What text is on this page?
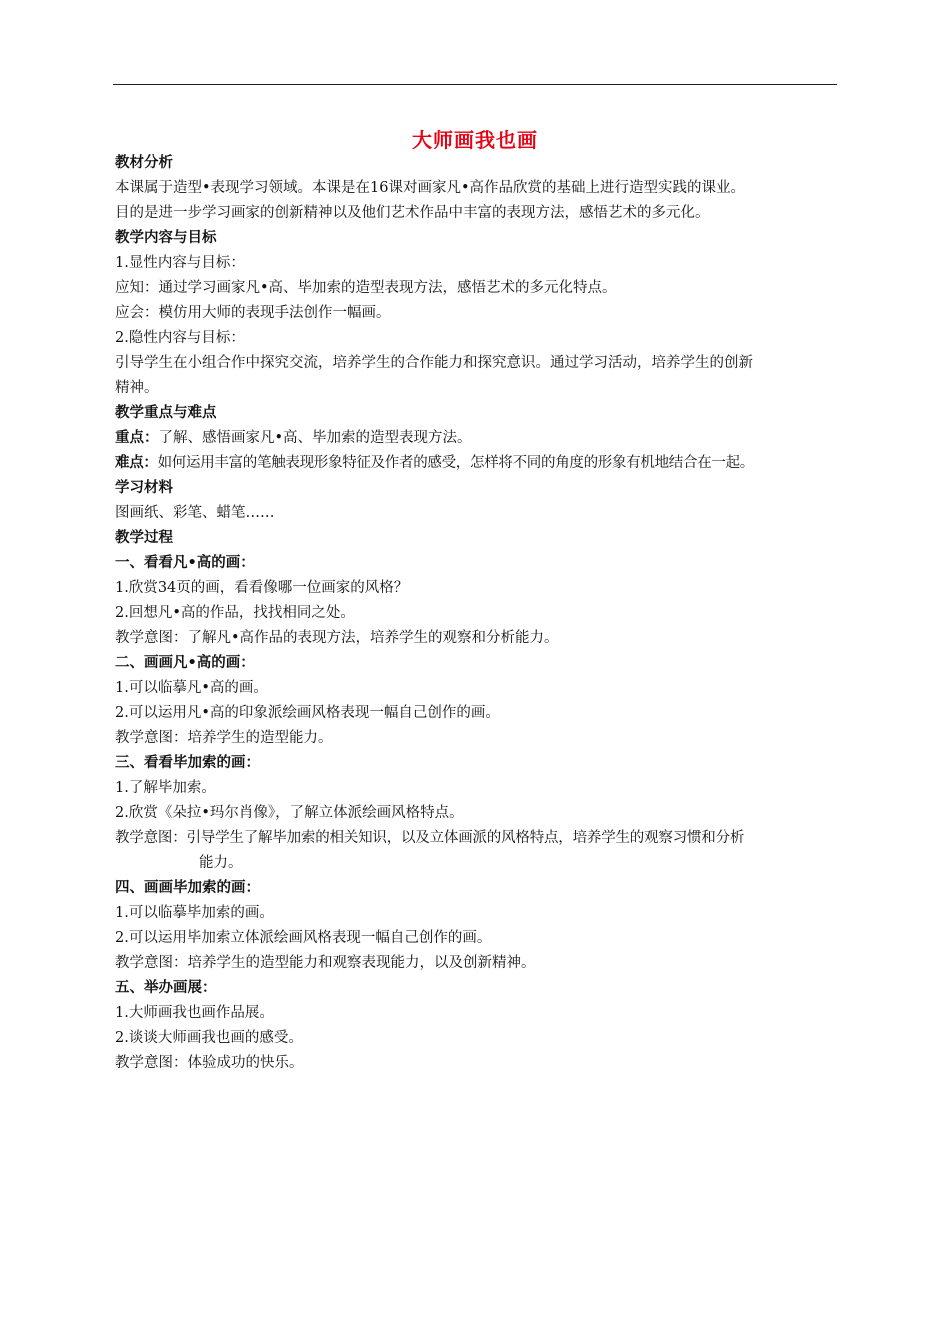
大师画我也画
教材分析
本课属于造型•表现学习领域。本课是在16课对画家凡•高作品欣赏的基础上进行造型实践的课业。
目的是进一步学习画家的创新精神以及他们艺术作品中丰富的表现方法，感悟艺术的多元化。
教学内容与目标
1.显性内容与目标：
应知：通过学习画家凡•高、毕加索的造型表现方法，感悟艺术的多元化特点。
应会：模仿用大师的表现手法创作一幅画。
2.隐性内容与目标：
引导学生在小组合作中探究交流，培养学生的合作能力和探究意识。通过学习活动，培养学生的创新
精神。
教学重点与难点
重点：了解、感悟画家凡•高、毕加索的造型表现方法。
难点：如何运用丰富的笔触表现形象特征及作者的感受，怎样将不同的角度的形象有机地结合在一起。
学习材料
图画纸、彩笔、蜡笔……
教学过程
一、看看凡•高的画：
1.欣赏34页的画，看看像哪一位画家的风格？
2.回想凡•高的作品，找找相同之处。
教学意图：了解凡•高作品的表现方法，培养学生的观察和分析能力。
二、画画凡•高的画：
1.可以临摹凡•高的画。
2.可以运用凡•高的印象派绘画风格表现一幅自己创作的画。
教学意图：培养学生的造型能力。
三、看看毕加索的画：
1.了解毕加索。
2.欣赏《朵拉•玛尔肖像》，了解立体派绘画风格特点。
教学意图：引导学生了解毕加索的相关知识，以及立体画派的风格特点，培养学生的观察习惯和分析
能力。
四、画画毕加索的画：
1.可以临摹毕加索的画。
2.可以运用毕加索立体派绘画风格表现一幅自己创作的画。
教学意图：培养学生的造型能力和观察表现能力，以及创新精神。
五、举办画展：
1.大师画我也画作品展。
2.谈谈大师画我也画的感受。
教学意图：体验成功的快乐。
